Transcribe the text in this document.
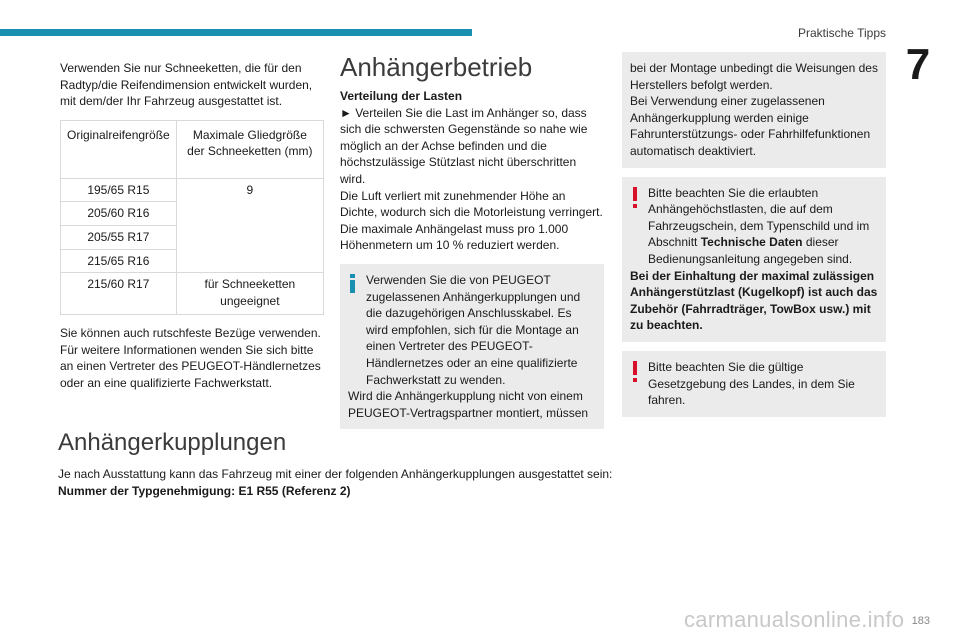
Praktische Tipps
7

Verwenden Sie nur Schneeketten, die für den Radtyp/die Reifendimension entwickelt wurden, mit dem/der Ihr Fahrzeug ausgestattet ist.

Originalreifengröße	Maximale Gliedgröße der Schneeketten (mm)
195/65 R15	9
205/60 R16	
205/55 R17	
215/65 R16	
215/60 R17	für Schneeketten ungeeignet

Sie können auch rutschfeste Bezüge verwenden. Für weitere Informationen wenden Sie sich bitte an einen Vertreter des PEUGEOT-Händlernetzes oder an eine qualifizierte Fachwerkstatt.

Anhängerbetrieb

Verteilung der Lasten

► Verteilen Sie die Last im Anhänger so, dass sich die schwersten Gegenstände so nahe wie möglich an der Achse befinden und die höchstzulässige Stützlast nicht überschritten wird.

Die Luft verliert mit zunehmender Höhe an Dichte, wodurch sich die Motorleistung verringert. Die maximale Anhängelast muss pro 1.000 Höhenmetern um 10 % reduziert werden.

Verwenden Sie die von PEUGEOT zugelassenen Anhängerkupplungen und die dazugehörigen Anschlusskabel. Es wird empfohlen, sich für die Montage an einen Vertreter des PEUGEOT-Händlernetzes oder an eine qualifizierte Fachwerkstatt zu wenden.

Wird die Anhängerkupplung nicht von einem PEUGEOT-Vertragspartner montiert, müssen

bei der Montage unbedingt die Weisungen des Herstellers befolgt werden.

Bei Verwendung einer zugelassenen Anhängerkupplung werden einige Fahrunterstützungs- oder Fahrhilfefunktionen automatisch deaktiviert.

Bitte beachten Sie die erlaubten Anhängehöchstlasten, die auf dem Fahrzeugschein, dem Typenschild und im Abschnitt Technische Daten dieser Bedienungsanleitung angegeben sind.

Bei der Einhaltung der maximal zulässigen Anhängerstützlast (Kugelkopf) ist auch das Zubehör (Fahrradträger, TowBox usw.) mit zu beachten.

Bitte beachten Sie die gültige Gesetzgebung des Landes, in dem Sie fahren.

Anhängerkupplungen

Je nach Ausstattung kann das Fahrzeug mit einer der folgenden Anhängerkupplungen ausgestattet sein:

Nummer der Typgenehmigung: E1 R55 (Referenz 2)

183
carmanualsonline.info
